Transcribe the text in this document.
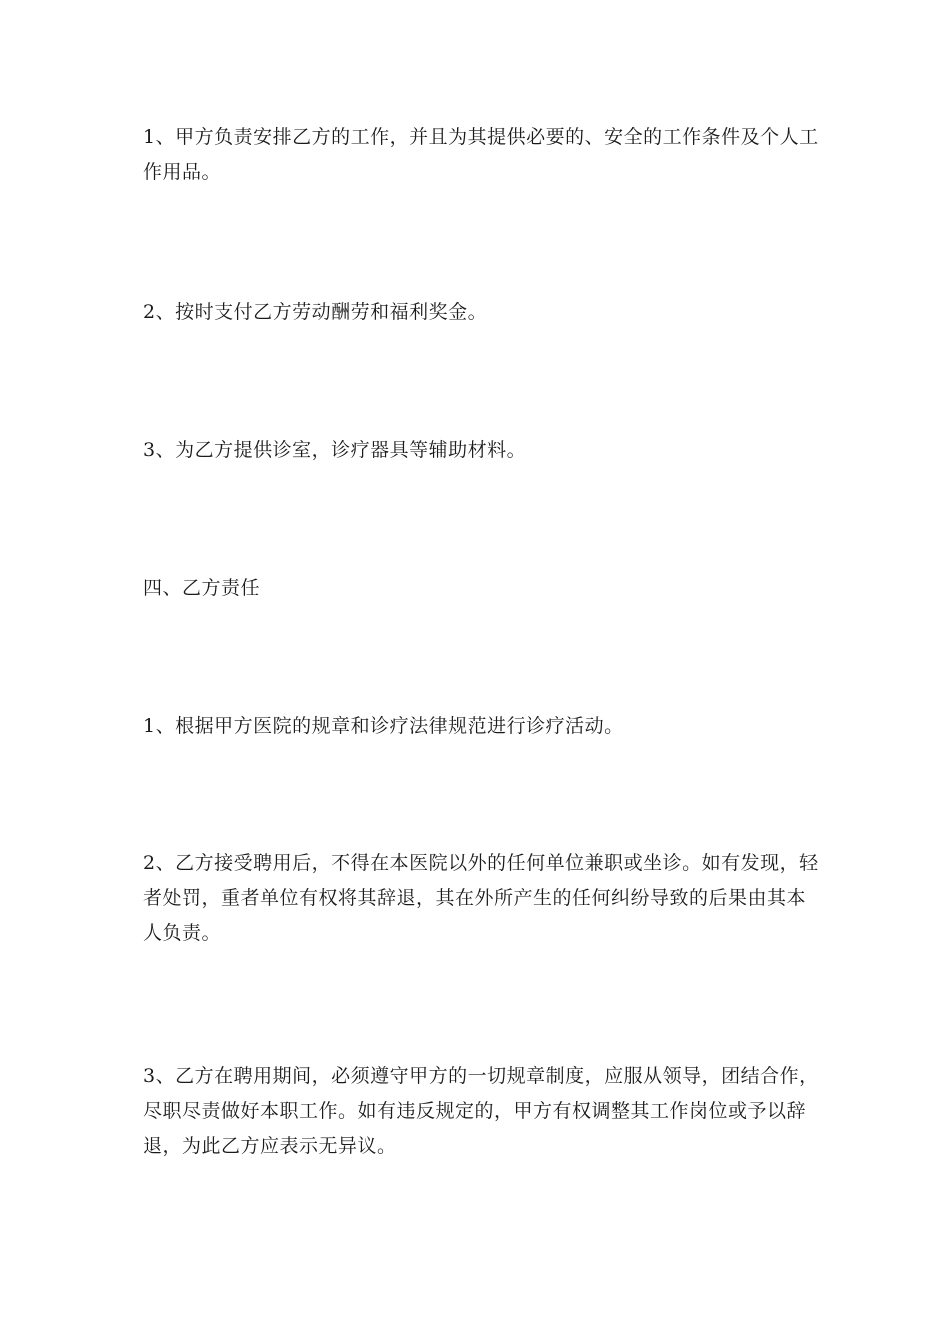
1、甲方负责安排乙方的工作，并且为其提供必要的、安全的工作条件及个人工
作用品。

2、按时支付乙方劳动酬劳和福利奖金。

3、为乙方提供诊室，诊疗器具等辅助材料。

四、乙方责任

1、根据甲方医院的规章和诊疗法律规范进行诊疗活动。

2、乙方接受聘用后，不得在本医院以外的任何单位兼职或坐诊。如有发现，轻
者处罚，重者单位有权将其辞退，其在外所产生的任何纠纷导致的后果由其本
人负责。

3、乙方在聘用期间，必须遵守甲方的一切规章制度，应服从领导，团结合作，
尽职尽责做好本职工作。如有违反规定的，甲方有权调整其工作岗位或予以辞
退，为此乙方应表示无异议。
